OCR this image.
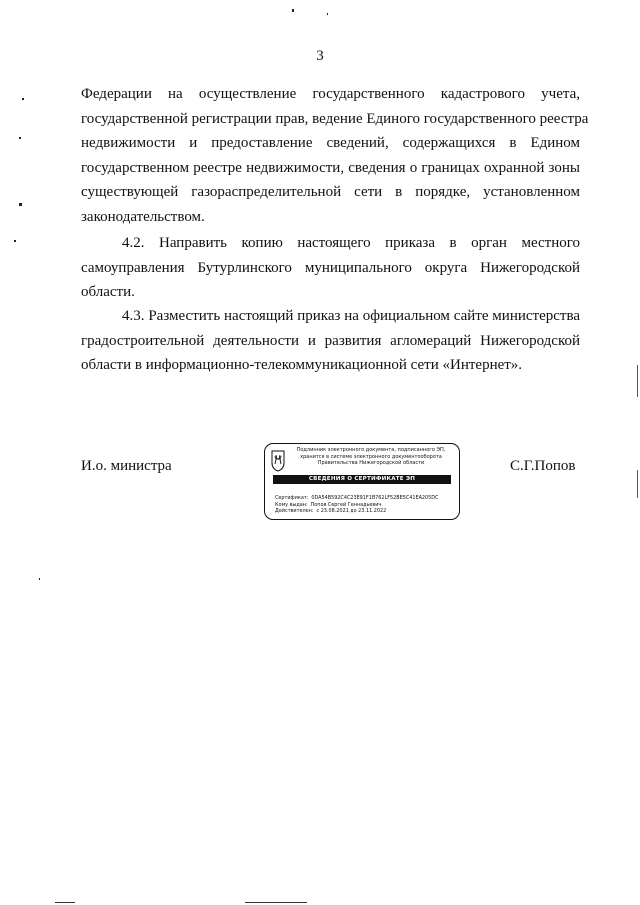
3
Федерации на осуществление государственного кадастрового учета,
государственной регистрации прав, ведение Единого государственного реестра
недвижимости и предоставление сведений, содержащихся в Едином
государственном реестре недвижимости, сведения о границах охранной зоны
существующей газораспределительной сети в порядке, установленном
законодательством.
4.2. Направить копию настоящего приказа в орган местного
самоуправления Бутурлинского муниципального округа Нижегородской
области.
4.3. Разместить настоящий приказ на официальном сайте министерства
градостроительной деятельности и развития агломераций Нижегородской
области в информационно-телекоммуникационной сети «Интернет».
И.о. министра
Подлинник электронного документа, подписанного ЭП,
хранится в системе электронного документооборота
Правительства Нижегородской области
СВЕДЕНИЯ О СЕРТИФИКАТЕ ЭП
Сертификат: 0DA54B592C4C23E91F1B762LF52BE5C41EA205DC
Кому выдан: Попов Сергей Геннадьевич
Действителен: с 23.08.2021 до 23.11.2022
С.Г.Попов
